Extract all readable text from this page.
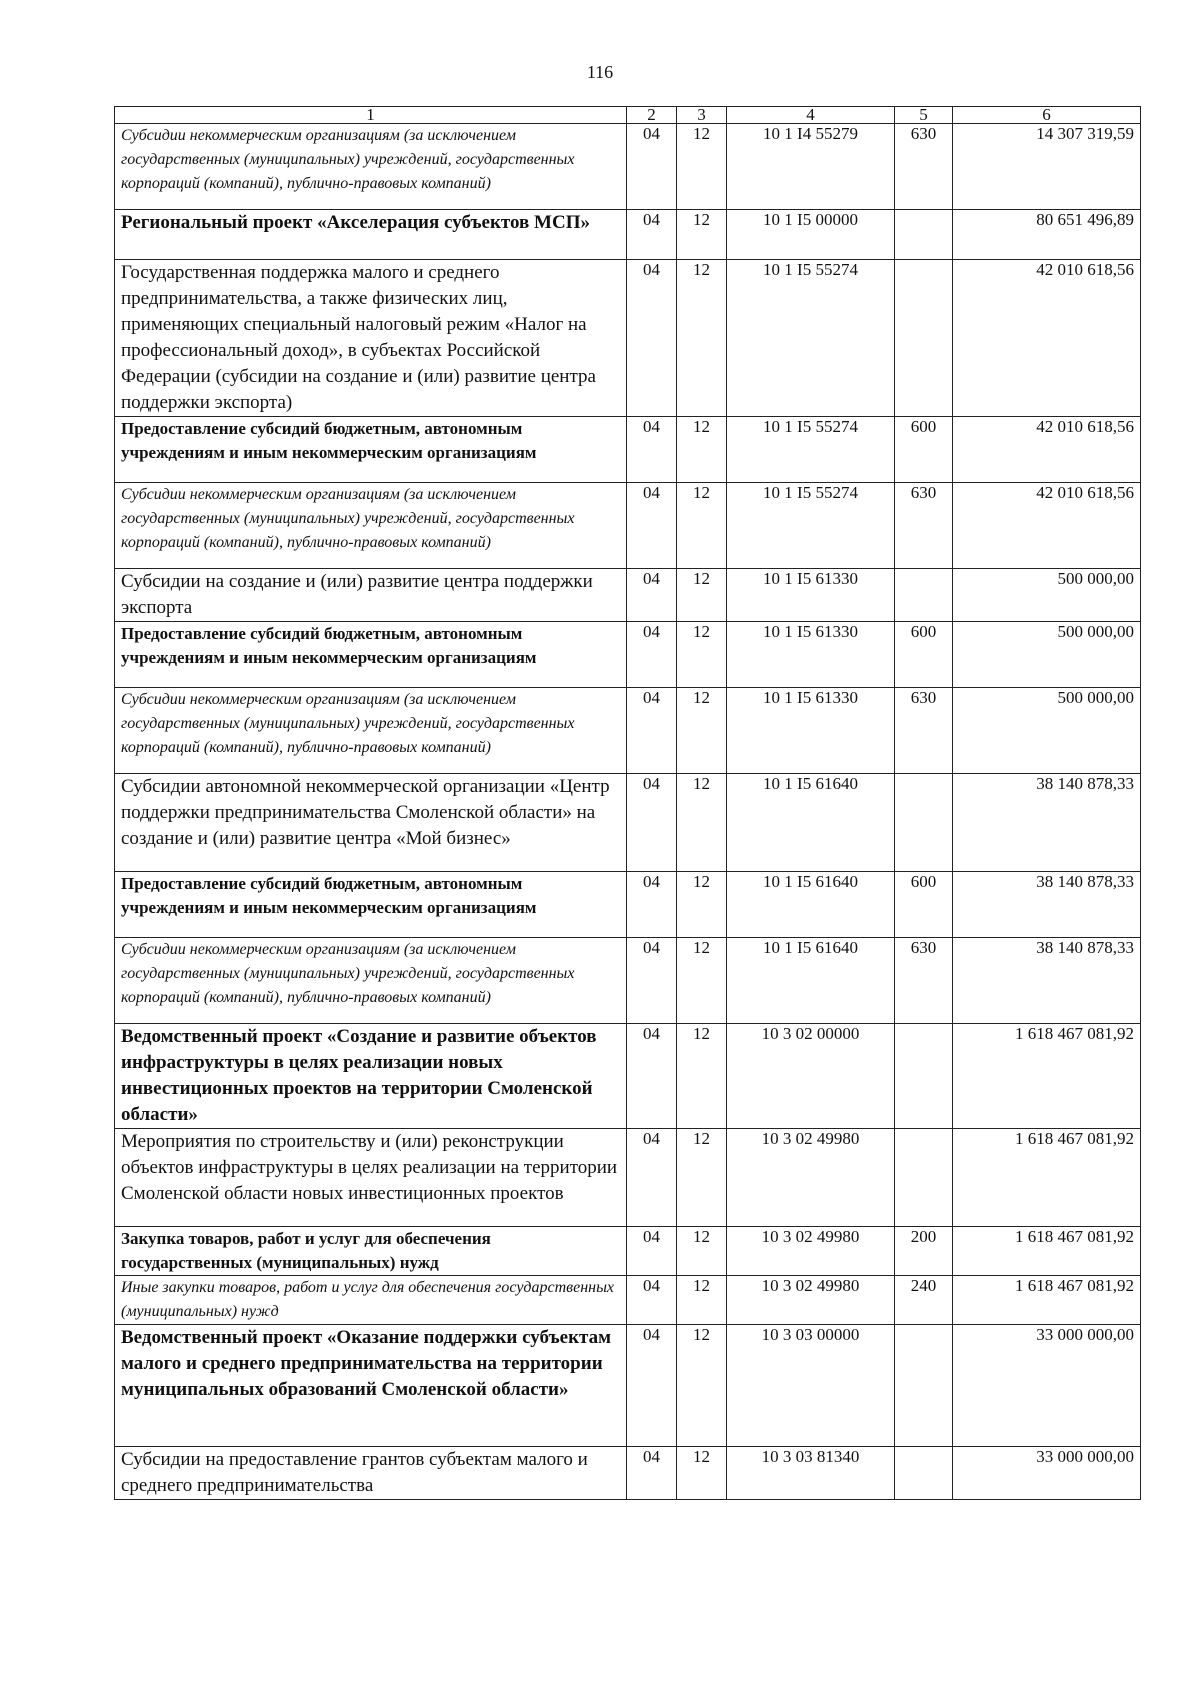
116
1	2	3	4	5	6
Субсидии некоммерческим организациям (за исключением государственных (муниципальных) учреждений, государственных корпораций (компаний), публично-правовых компаний)	04	12	10 1 I4 55279	630	14 307 319,59
Региональный проект «Акселерация субъектов МСП»	04	12	10 1 I5 00000		80 651 496,89
Государственная поддержка малого и среднего предпринимательства, а также физических лиц, применяющих специальный налоговый режим «Налог на профессиональный доход», в субъектах Российской Федерации (субсидии на создание и (или) развитие центра поддержки экспорта)	04	12	10 1 I5 55274		42 010 618,56
Предоставление субсидий бюджетным, автономным учреждениям и иным некоммерческим организациям	04	12	10 1 I5 55274	600	42 010 618,56
Субсидии некоммерческим организациям (за исключением государственных (муниципальных) учреждений, государственных корпораций (компаний), публично-правовых компаний)	04	12	10 1 I5 55274	630	42 010 618,56
Субсидии на создание и (или) развитие центра поддержки экспорта	04	12	10 1 I5 61330		500 000,00
Предоставление субсидий бюджетным, автономным учреждениям и иным некоммерческим организациям	04	12	10 1 I5 61330	600	500 000,00
Субсидии некоммерческим организациям (за исключением государственных (муниципальных) учреждений, государственных корпораций (компаний), публично-правовых компаний)	04	12	10 1 I5 61330	630	500 000,00
Субсидии автономной некоммерческой организации «Центр поддержки предпринимательства Смоленской области» на создание и (или) развитие центра «Мой бизнес»	04	12	10 1 I5 61640		38 140 878,33
Предоставление субсидий бюджетным, автономным учреждениям и иным некоммерческим организациям	04	12	10 1 I5 61640	600	38 140 878,33
Субсидии некоммерческим организациям (за исключением государственных (муниципальных) учреждений, государственных корпораций (компаний), публично-правовых компаний)	04	12	10 1 I5 61640	630	38 140 878,33
Ведомственный проект «Создание и развитие объектов инфраструктуры в целях реализации новых инвестиционных проектов на территории Смоленской области»	04	12	10 3 02 00000		1 618 467 081,92
Мероприятия по строительству и (или) реконструкции объектов инфраструктуры в целях реализации на территории Смоленской области новых инвестиционных проектов	04	12	10 3 02 49980		1 618 467 081,92
Закупка товаров, работ и услуг для обеспечения государственных (муниципальных) нужд	04	12	10 3 02 49980	200	1 618 467 081,92
Иные закупки товаров, работ и услуг для обеспечения государственных (муниципальных) нужд	04	12	10 3 02 49980	240	1 618 467 081,92
Ведомственный проект «Оказание поддержки субъектам малого и среднего предпринимательства на территории муниципальных образований Смоленской области»	04	12	10 3 03 00000		33 000 000,00
Субсидии на предоставление грантов субъектам малого и среднего предпринимательства	04	12	10 3 03 81340		33 000 000,00
